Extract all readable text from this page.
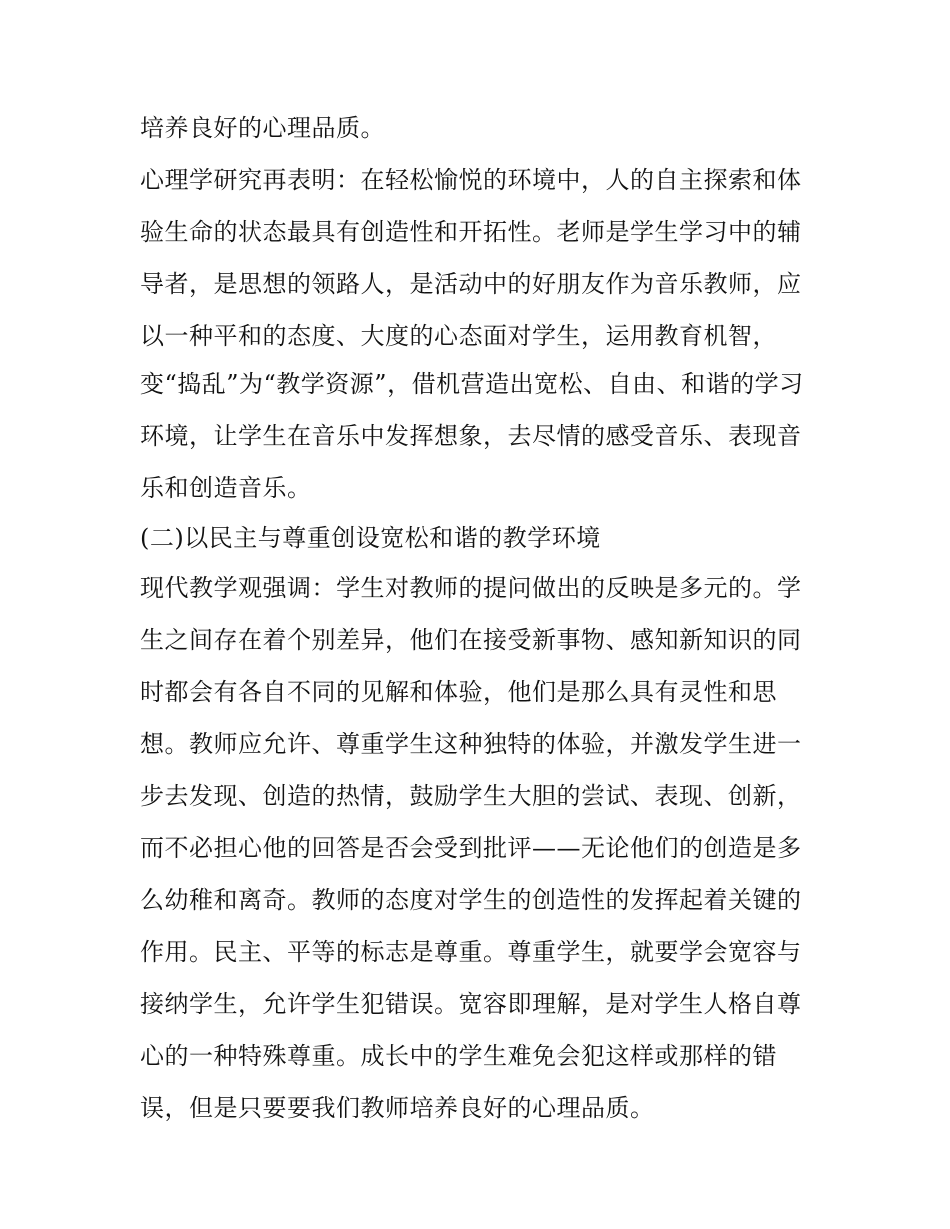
培养良好的心理品质。
心理学研究再表明：在轻松愉悦的环境中，人的自主探索和体
验生命的状态最具有创造性和开拓性。老师是学生学习中的辅
导者，是思想的领路人，是活动中的好朋友作为音乐教师，应
以一种平和的态度、大度的心态面对学生，运用教育机智，
变“捣乱”为“教学资源”，借机营造出宽松、自由、和谐的学习
环境，让学生在音乐中发挥想象，去尽情的感受音乐、表现音
乐和创造音乐。
(二)以民主与尊重创设宽松和谐的教学环境
现代教学观强调：学生对教师的提问做出的反映是多元的。学
生之间存在着个别差异，他们在接受新事物、感知新知识的同
时都会有各自不同的见解和体验，他们是那么具有灵性和思
想。教师应允许、尊重学生这种独特的体验，并激发学生进一
步去发现、创造的热情，鼓励学生大胆的尝试、表现、创新，
而不必担心他的回答是否会受到批评——无论他们的创造是多
么幼稚和离奇。教师的态度对学生的创造性的发挥起着关键的
作用。民主、平等的标志是尊重。尊重学生，就要学会宽容与
接纳学生，允许学生犯错误。宽容即理解，是对学生人格自尊
心的一种特殊尊重。成长中的学生难免会犯这样或那样的错
误，但是只要要我们教师培养良好的心理品质。
